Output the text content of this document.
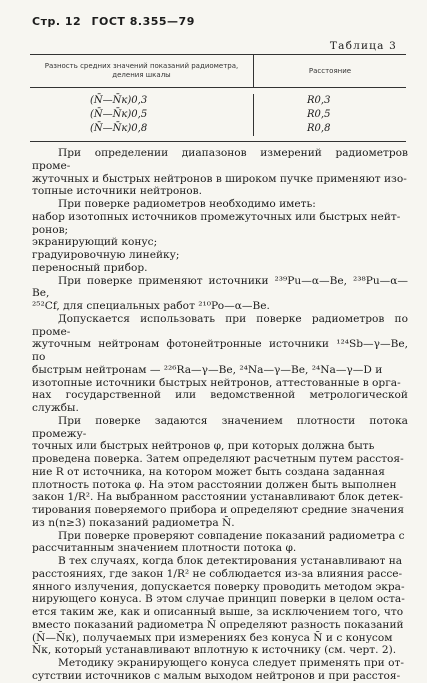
Стр. 12 ГОСТ 8.355—79
Таблица 3
Разность средних значений показаний радиометра, деления шкалы
Расстояние
(N̄—N̄к)0,3
(N̄—N̄к)0,5
(N̄—N̄к)0,8
R0,3
R0,5
R0,8

При определении диапазонов измерений радиометров проме-

жуточных и быстрых нейтронов в широком пучке применяют изо-

топные источники нейтронов.

При поверке радиометров необходимо иметь:

набор изотопных источников промежуточных или быстрых нейт-

ронов;

экранирующий конус;

градуировочную линейку;

переносный прибор.

При поверке применяют источники ²³⁹Pu—α—Be, ²³⁸Pu—α—Be,

²⁵²Cf, для специальных работ ²¹⁰Po—α—Be.

Допускается использовать при поверке радиометров по проме-

жуточным нейтронам фотонейтронные источники ¹²⁴Sb—γ—Be, по

быстрым нейтронам — ²²⁶Ra—γ—Be, ²⁴Na—γ—Be, ²⁴Na—γ—D и

изотопные источники быстрых нейтронов, аттестованные в орга-

нах государственной или ведомственной метрологической службы.

При поверке задаются значением плотности потока промежу-

точных или быстрых нейтронов φ, при которых должна быть

проведена поверка. Затем определяют расчетным путем расстоя-

ние R от источника, на котором может быть создана заданная

плотность потока φ. На этом расстоянии должен быть выполнен

закон 1/R². На выбранном расстоянии устанавливают блок детек-

тирования поверяемого прибора и определяют средние значения

из n(n≥3) показаний радиометра N̄.

При поверке проверяют совпадение показаний радиометра с

рассчитанным значением плотности потока φ.

В тех случаях, когда блок детектирования устанавливают на

расстояниях, где закон 1/R² не соблюдается из-за влияния рассе-

янного излучения, допускается поверку проводить методом экра-

нирующего конуса. В этом случае принцип поверки в целом оста-

ется таким же, как и описанный выше, за исключением того, что

вместо показаний радиометра N̄ определяют разность показаний

(N̄—N̄к), получаемых при измерениях без конуса N̄ и с конусом

N̄к, который устанавливают вплотную к источнику (см. черт. 2).

Методику экранирующего конуса следует применять при от-

сутствии источников с малым выходом нейтронов и при расстоя-
